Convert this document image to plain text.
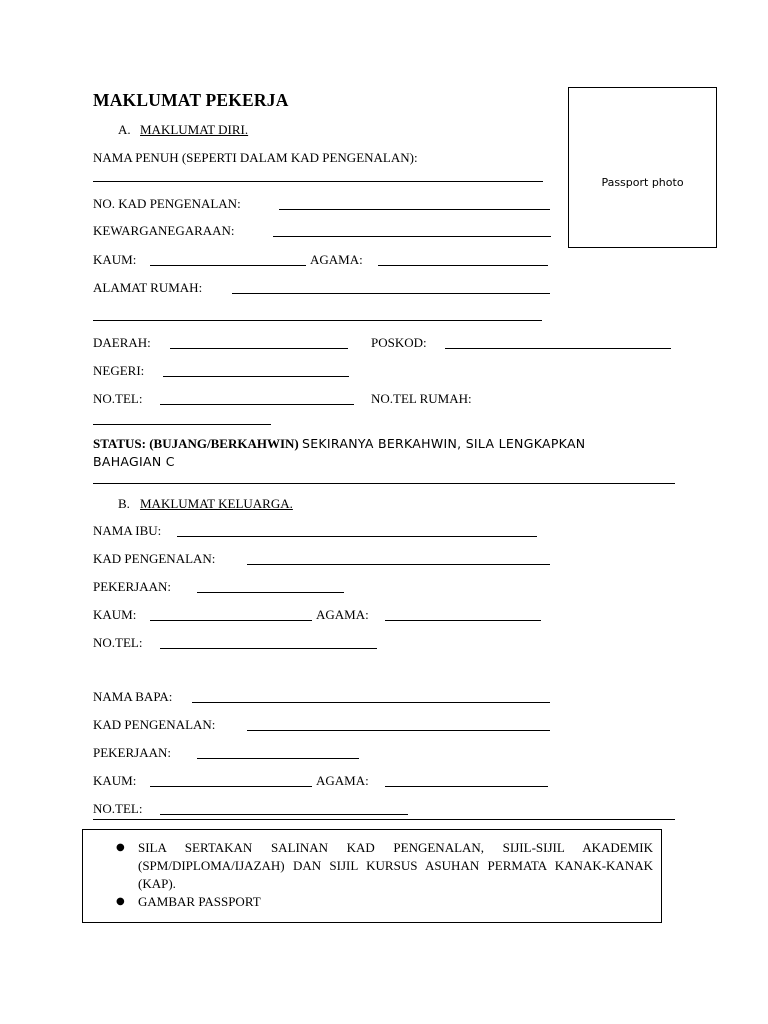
MAKLUMAT PEKERJA
Passport photo
A. MAKLUMAT DIRI.
NAMA PENUH (SEPERTI DALAM KAD PENGENALAN):
NO. KAD PENGENALAN:
KEWARGANEGARAAN:
KAUM:	AGAMA:
ALAMAT RUMAH:
DAERAH:	POSKOD:
NEGERI:
NO.TEL:	NO.TEL RUMAH:
STATUS: (BUJANG/BERKAHWIN) SEKIRANYA BERKAHWIN, SILA LENGKAPKAN BAHAGIAN C
B. MAKLUMAT KELUARGA.
NAMA IBU:
KAD PENGENALAN:
PEKERJAAN:
KAUM:	AGAMA:
NO.TEL:
NAMA BAPA:
KAD PENGENALAN:
PEKERJAAN:
KAUM:	AGAMA:
NO.TEL:
● SILA SERTAKAN SALINAN KAD PENGENALAN, SIJIL-SIJIL AKADEMIK (SPM/DIPLOMA/IJAZAH) DAN SIJIL KURSUS ASUHAN PERMATA KANAK-KANAK (KAP).
● GAMBAR PASSPORT
